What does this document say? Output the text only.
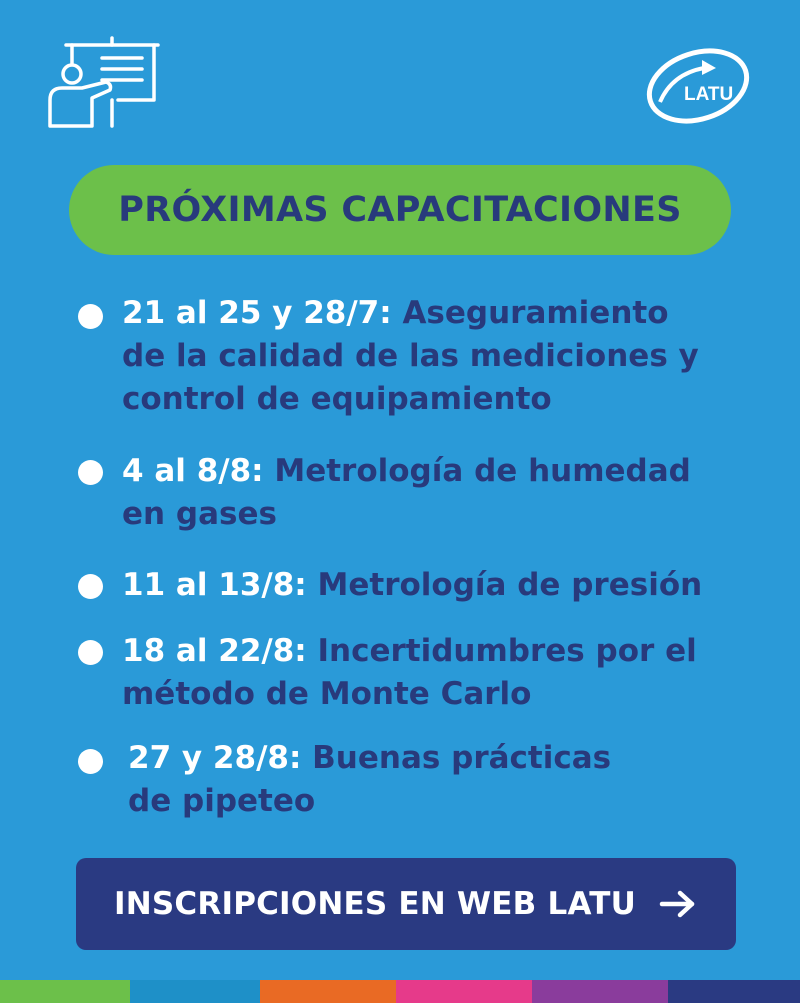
LATU
PRÓXIMAS CAPACITACIONES
21 al 25 y 28/7: Aseguramiento
de la calidad de las mediciones y
control de equipamiento
4 al 8/8: Metrología de humedad
en gases
11 al 13/8: Metrología de presión
18 al 22/8: Incertidumbres por el
método de Monte Carlo
27 y 28/8: Buenas prácticas
de pipeteo
INSCRIPCIONES EN WEB LATU
